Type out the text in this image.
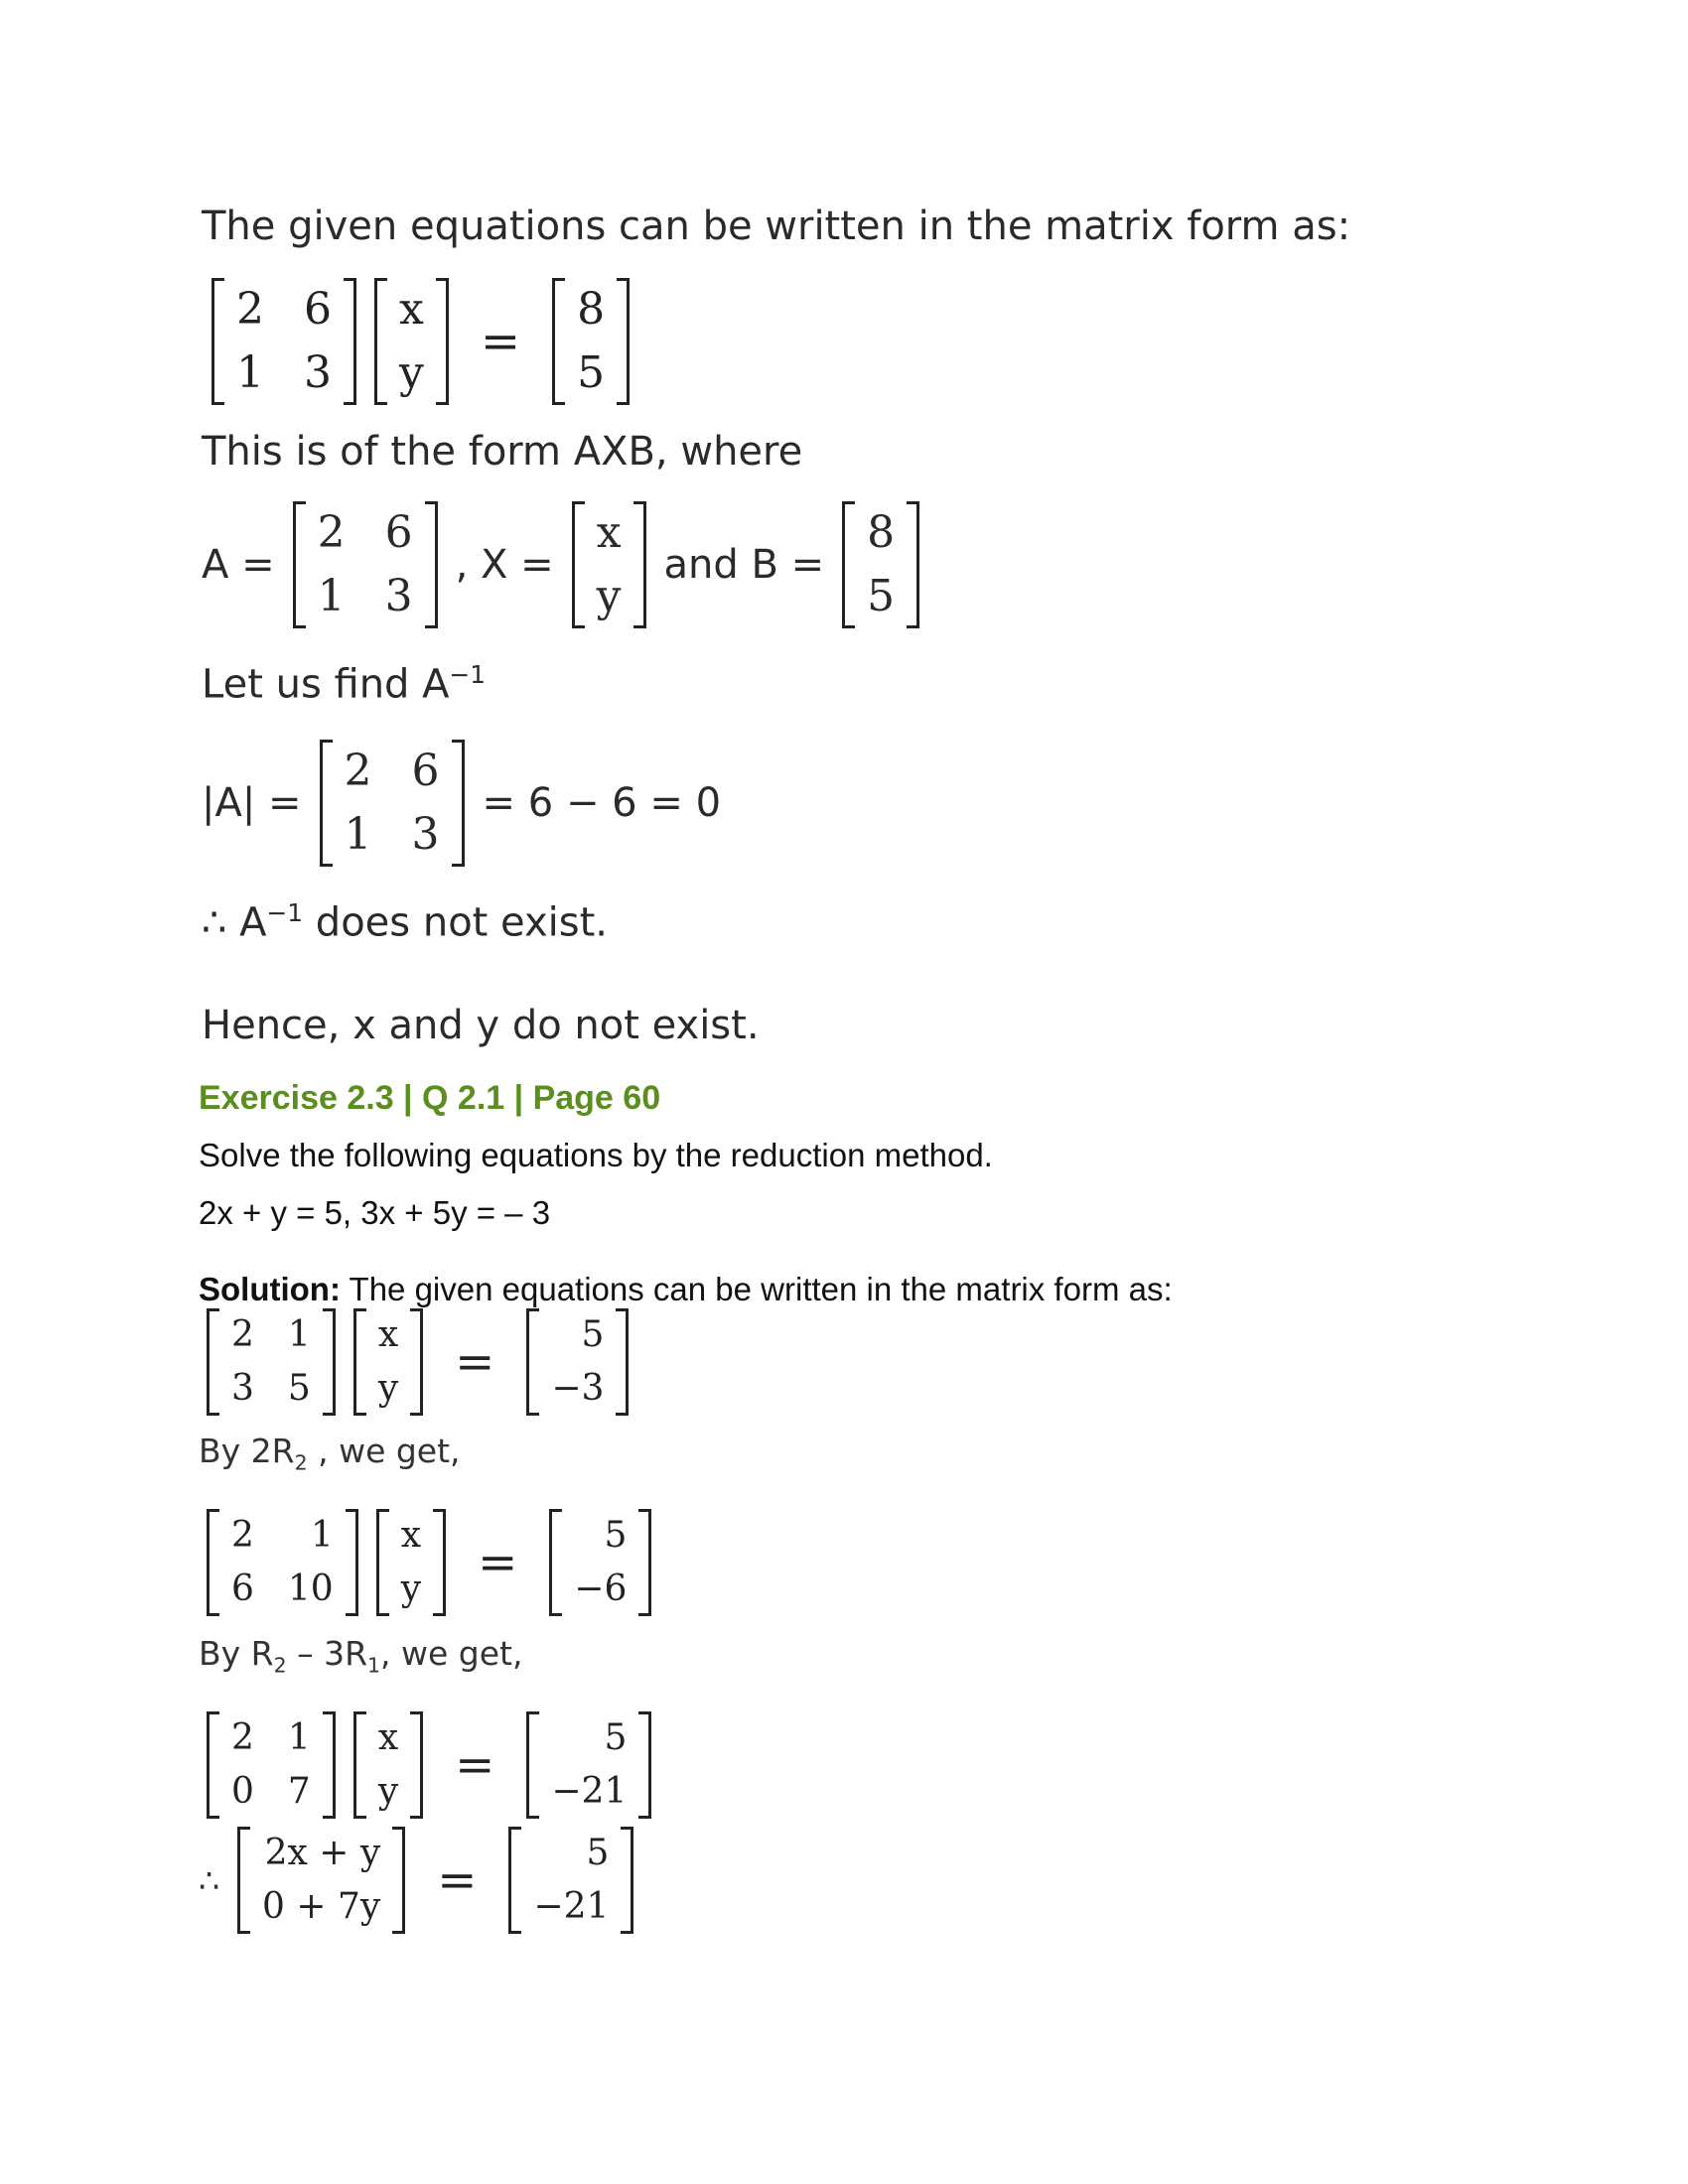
The given equations can be written in the matrix form as:
2 6
1 3
x
y
=
8
5
This is of the form AXB, where
A =
2 6
1 3
, X =
x
y
and B =
8
5
Let us find $A^{-1}$
|A| =
2 6
1 3
= 6 − 6 = 0
∴ $A^{-1}$ does not exist.
Hence, x and y do not exist.
Exercise 2.3 | Q 2.1 | Page 60
Solve the following equations by the reduction method.
2x + y = 5, 3x + 5y = – 3
Solution: The given equations can be written in the matrix form as:
2 1
3 5
x
y =	5
−3
By $2R_2$ , we get,
2	1
6 10
x
y =	5
−6
By $R_2 - 3R_1$, we get,
2 1
0 7
x
y =	5
−21
∴
2x + y
0 + 7y =	5
−21
